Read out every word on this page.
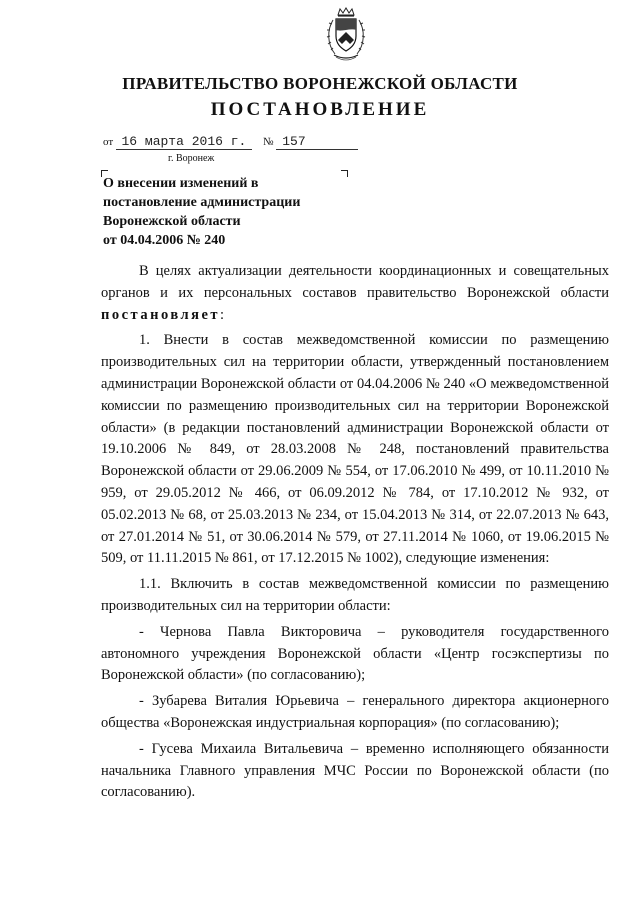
ПРАВИТЕЛЬСТВО ВОРОНЕЖСКОЙ ОБЛАСТИ
ПОСТАНОВЛЕНИЕ
от 16 марта 2016 г.	№ 157
г. Воронеж
О внесении изменений в
постановление администрации
Воронежской области
от 04.04.2006 № 240

В целях актуализации деятельности координационных и совещательных органов и их персональных составов правительство Воронежской области постановляет:

1. Внести в состав межведомственной комиссии по размещению производительных сил на территории области, утвержденный постановлением администрации Воронежской области от 04.04.2006 № 240 «О межведомственной комиссии по размещению производительных сил на территории Воронежской области» (в редакции постановлений администрации Воронежской области от 19.10.2006 № 849, от 28.03.2008 № 248, постановлений правительства Воронежской области от 29.06.2009 № 554, от 17.06.2010 № 499, от 10.11.2010 № 959, от 29.05.2012 № 466, от 06.09.2012 № 784, от 17.10.2012 № 932, от 05.02.2013 № 68, от 25.03.2013 № 234, от 15.04.2013 № 314, от 22.07.2013 № 643, от 27.01.2014 № 51, от 30.06.2014 № 579, от 27.11.2014 № 1060, от 19.06.2015 № 509, от 11.11.2015 № 861, от 17.12.2015 № 1002), следующие изменения:

1.1. Включить в состав межведомственной комиссии по размещению производительных сил на территории области:

- Чернова Павла Викторовича – руководителя государственного автономного учреждения Воронежской области «Центр госэкспертизы по Воронежской области» (по согласованию);

- Зубарева Виталия Юрьевича – генерального директора акционерного общества «Воронежская индустриальная корпорация» (по согласованию);

- Гусева Михаила Витальевича – временно исполняющего обязанности начальника Главного управления МЧС России по Воронежской области (по согласованию).
